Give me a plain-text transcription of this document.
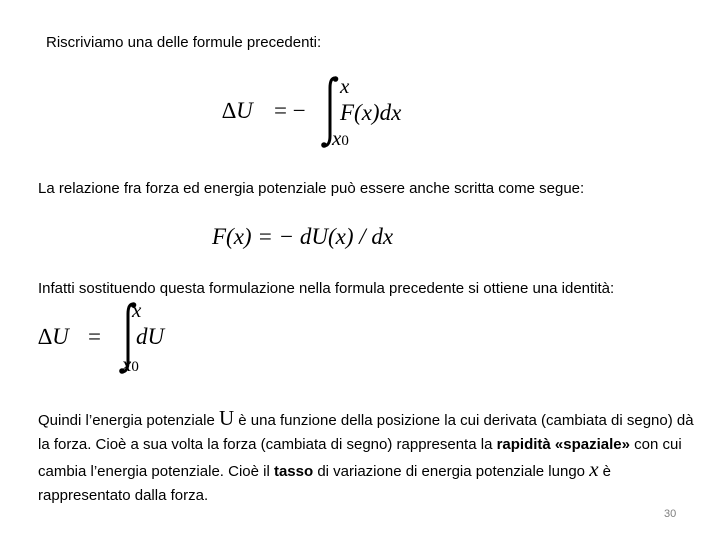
Riscriviamo una delle formule precedenti:
∆U = −
x
F(x)dx
x0
La relazione fra forza ed energia potenziale può essere anche scritta come segue:
F(x) = − dU(x) / dx
Infatti sostituendo questa formulazione nella formula precedente si ottiene una identità:
∆U =
x
dU
x0
Quindi l’energia potenziale U è una funzione della posizione la cui derivata (cambiata di segno) dà la forza. Cioè a sua volta la forza (cambiata di segno) rappresenta la rapidità «spaziale» con cui cambia l’energia potenziale. Cioè il tasso di variazione di energia potenziale lungo x è rappresentato dalla forza.
30
